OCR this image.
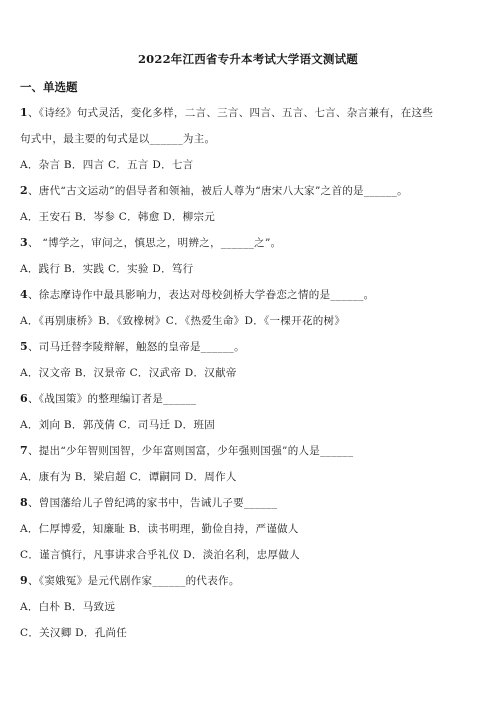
2022年江西省专升本考试大学语文测试题
一、单选题
1、《诗经》句式灵活，变化多样，二言、三言、四言、五言、七言、杂言兼有，在这些
句式中，最主要的句式是以______为主。
A．杂言 B．四言 C．五言 D．七言
2、唐代“古文运动”的倡导者和领袖，被后人尊为“唐宋八大家”之首的是______。
A．王安石 B．岑参 C．韩愈 D．柳宗元
3、 “博学之，审问之，慎思之，明辨之，______之”。
A．践行 B．实践 C．实验 D．笃行
4、徐志摩诗作中最具影响力，表达对母校剑桥大学眷恋之情的是______。
A．《再别康桥》B．《致橡树》C．《热爱生命》D．《一棵开花的树》
5、司马迁替李陵辩解，触怒的皇帝是______。
A．汉文帝 B．汉景帝 C．汉武帝 D．汉献帝
6、《战国策》的整理编订者是______
A．刘向 B．郭茂倩 C．司马迁 D．班固
7、提出“少年智则国智，少年富则国富，少年强则国强”的人是______
A．康有为 B．梁启超 C．谭嗣同 D．周作人
8、曾国藩给儿子曾纪鸿的家书中，告诫儿子要______
A．仁厚博爱，知廉耻 B．读书明理，勤俭自持，严谨做人
C．谨言慎行，凡事讲求合乎礼仪 D．淡泊名利，忠厚做人
9、《窦娥冤》是元代剧作家______的代表作。
A．白朴 B．马致远
C．关汉卿 D．孔尚任
